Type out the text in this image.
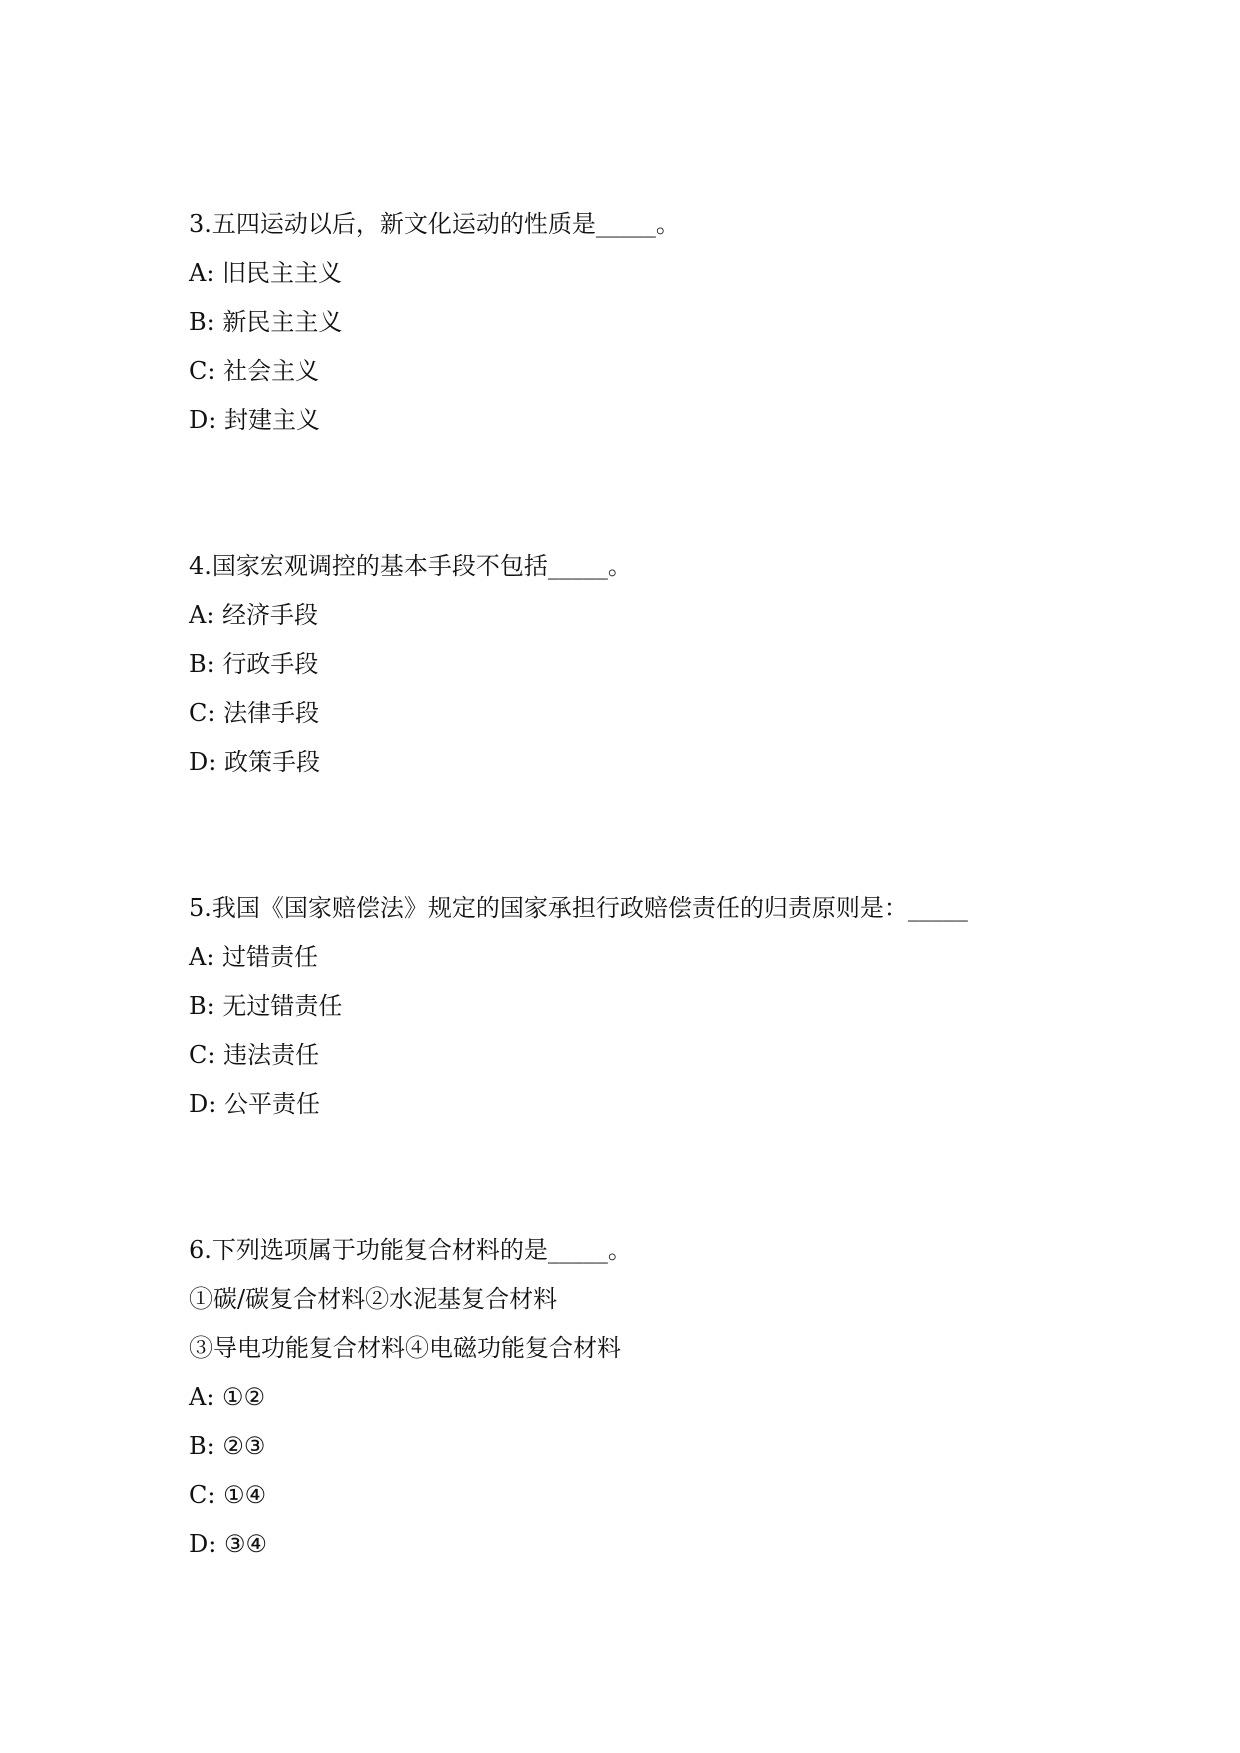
3.五四运动以后，新文化运动的性质是_____。
A: 旧民主主义
B: 新民主主义
C: 社会主义
D: 封建主义
4.国家宏观调控的基本手段不包括_____。
A: 经济手段
B: 行政手段
C: 法律手段
D: 政策手段
5.我国《国家赔偿法》规定的国家承担行政赔偿责任的归责原则是：_____
A: 过错责任
B: 无过错责任
C: 违法责任
D: 公平责任
6.下列选项属于功能复合材料的是_____。
①碳/碳复合材料②水泥基复合材料
③导电功能复合材料④电磁功能复合材料
A: ①②
B: ②③
C: ①④
D: ③④
